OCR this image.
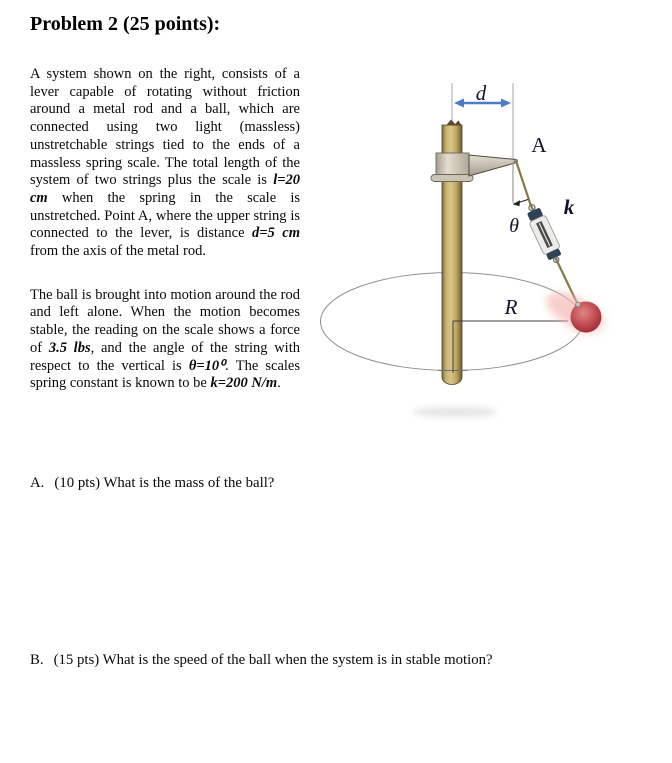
Problem 2 (25 points):

A system shown on the right, consists of a lever capable of rotating without friction around a metal rod and a ball, which are connected using two light (massless) unstretchable strings tied to the ends of a massless spring scale. The total length of the system of two strings plus the scale is l=20 cm when the spring in the scale is unstretched. Point A, where the upper string is connected to the lever, is distance d=5 cm from the axis of the metal rod.

The ball is brought into motion around the rod and left alone. When the motion becomes stable, the reading on the scale shows a force of 3.5 lbs, and the angle of the string with respect to the vertical is θ=10⁰. The scales spring constant is known to be k=200 N/m.

A. (10 pts) What is the mass of the ball?
B. (15 pts) What is the speed of the ball when the system is in stable motion?
d
A
k
θ
R
